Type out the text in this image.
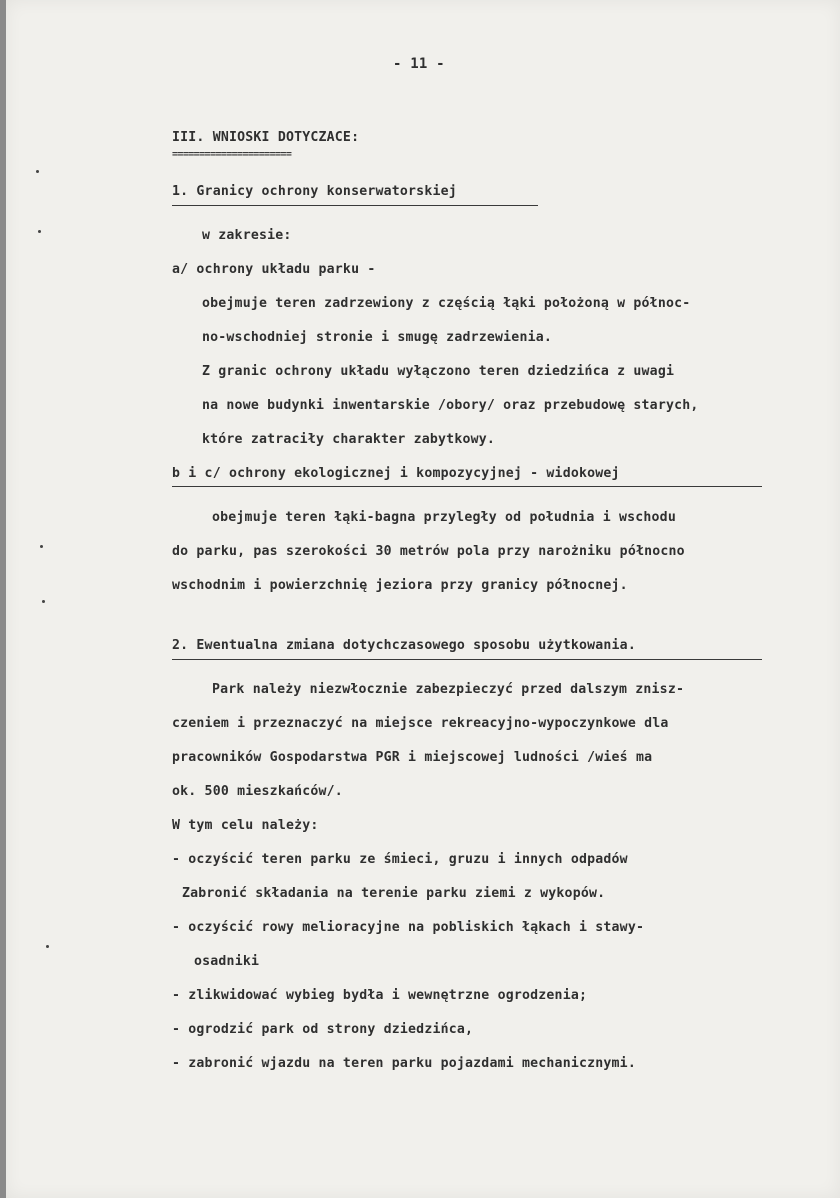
- 11 -
III. WNIOSKI DOTYCZACE:
======================
1. Granicy ochrony konserwatorskiej
w zakresie:
a/ ochrony układu parku -
obejmuje teren zadrzewiony z częścią łąki położoną w północ-
no-wschodniej stronie i smugę zadrzewienia.
Z granic ochrony układu wyłączono teren dziedzińca z uwagi
na nowe budynki inwentarskie /obory/ oraz przebudowę starych,
które zatraciły charakter zabytkowy.
b i c/ ochrony ekologicznej i kompozycyjnej - widokowej
obejmuje teren łąki-bagna przyległy od południa i wschodu
do parku, pas szerokości 30 metrów pola przy narożniku północno
wschodnim i powierzchnię jeziora przy granicy północnej.
2. Ewentualna zmiana dotychczasowego sposobu użytkowania.
Park należy niezwłocznie zabezpieczyć przed dalszym znisz-
czeniem i przeznaczyć na miejsce rekreacyjno-wypoczynkowe dla
pracowników Gospodarstwa PGR i miejscowej ludności /wieś ma
ok. 500 mieszkańców/.
W tym celu należy:
- oczyścić teren parku ze śmieci, gruzu i innych odpadów
Zabronić składania na terenie parku ziemi z wykopów.
- oczyścić rowy melioracyjne na pobliskich łąkach i stawy-
osadniki
- zlikwidować wybieg bydła i wewnętrzne ogrodzenia;
- ogrodzić park od strony dziedzińca,
- zabronić wjazdu na teren parku pojazdami mechanicznymi.
